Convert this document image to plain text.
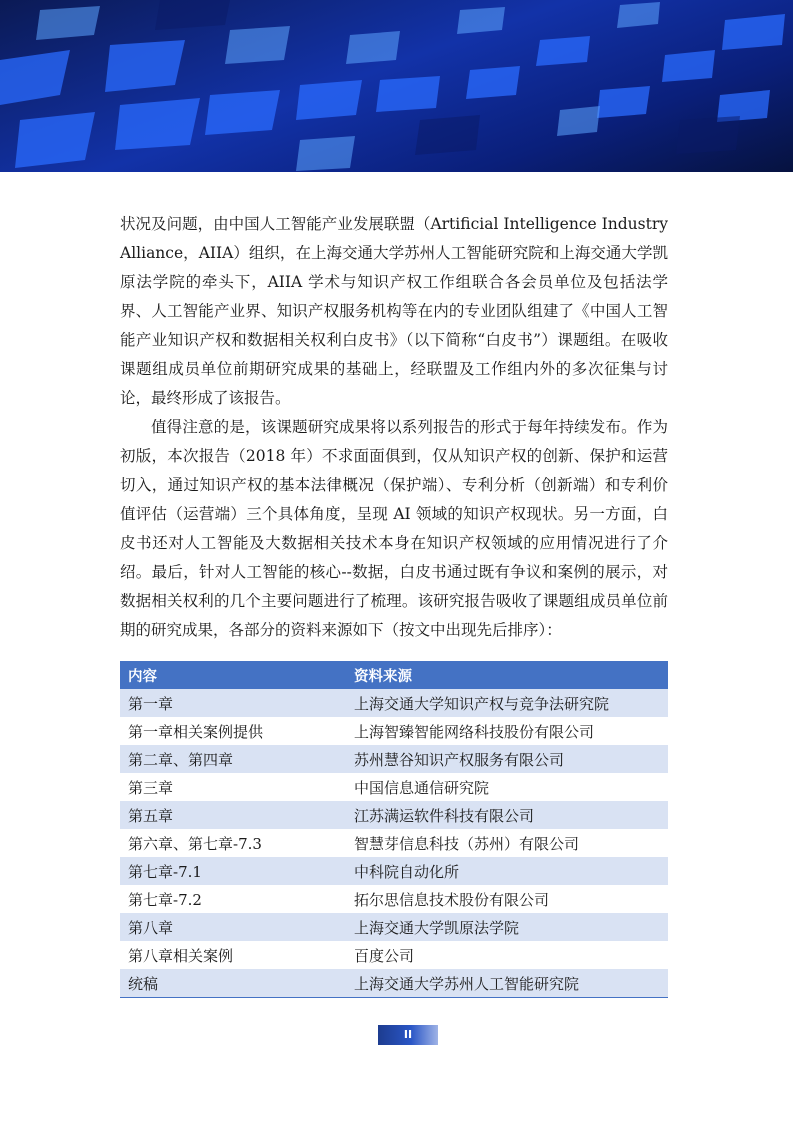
状况及问题，由中国人工智能产业发展联盟（Artificial Intelligence Industry Alliance，AIIA）组织，在上海交通大学苏州人工智能研究院和上海交通大学凯原法学院的牵头下，AIIA 学术与知识产权工作组联合各会员单位及包括法学界、人工智能产业界、知识产权服务机构等在内的专业团队组建了《中国人工智能产业知识产权和数据相关权利白皮书》（以下简称“白皮书”）课题组。在吸收课题组成员单位前期研究成果的基础上，经联盟及工作组内外的多次征集与讨论，最终形成了该报告。

值得注意的是，该课题研究成果将以系列报告的形式于每年持续发布。作为初版，本次报告（2018 年）不求面面俱到，仅从知识产权的创新、保护和运营切入，通过知识产权的基本法律概况（保护端）、专利分析（创新端）和专利价值评估（运营端）三个具体角度，呈现 AI 领域的知识产权现状。另一方面，白皮书还对人工智能及大数据相关技术本身在知识产权领域的应用情况进行了介绍。最后，针对人工智能的核心--数据，白皮书通过既有争议和案例的展示，对数据相关权利的几个主要问题进行了梳理。该研究报告吸收了课题组成员单位前期的研究成果，各部分的资料来源如下（按文中出现先后排序）：

内容	资料来源
第一章	上海交通大学知识产权与竞争法研究院
第一章相关案例提供	上海智臻智能网络科技股份有限公司
第二章、第四章	苏州慧谷知识产权服务有限公司
第三章	中国信息通信研究院
第五章	江苏满运软件科技有限公司
第六章、第七章-7.3	智慧芽信息科技（苏州）有限公司
第七章-7.1	中科院自动化所
第七章-7.2	拓尔思信息技术股份有限公司
第八章	上海交通大学凯原法学院
第八章相关案例	百度公司
统稿	上海交通大学苏州人工智能研究院
II
